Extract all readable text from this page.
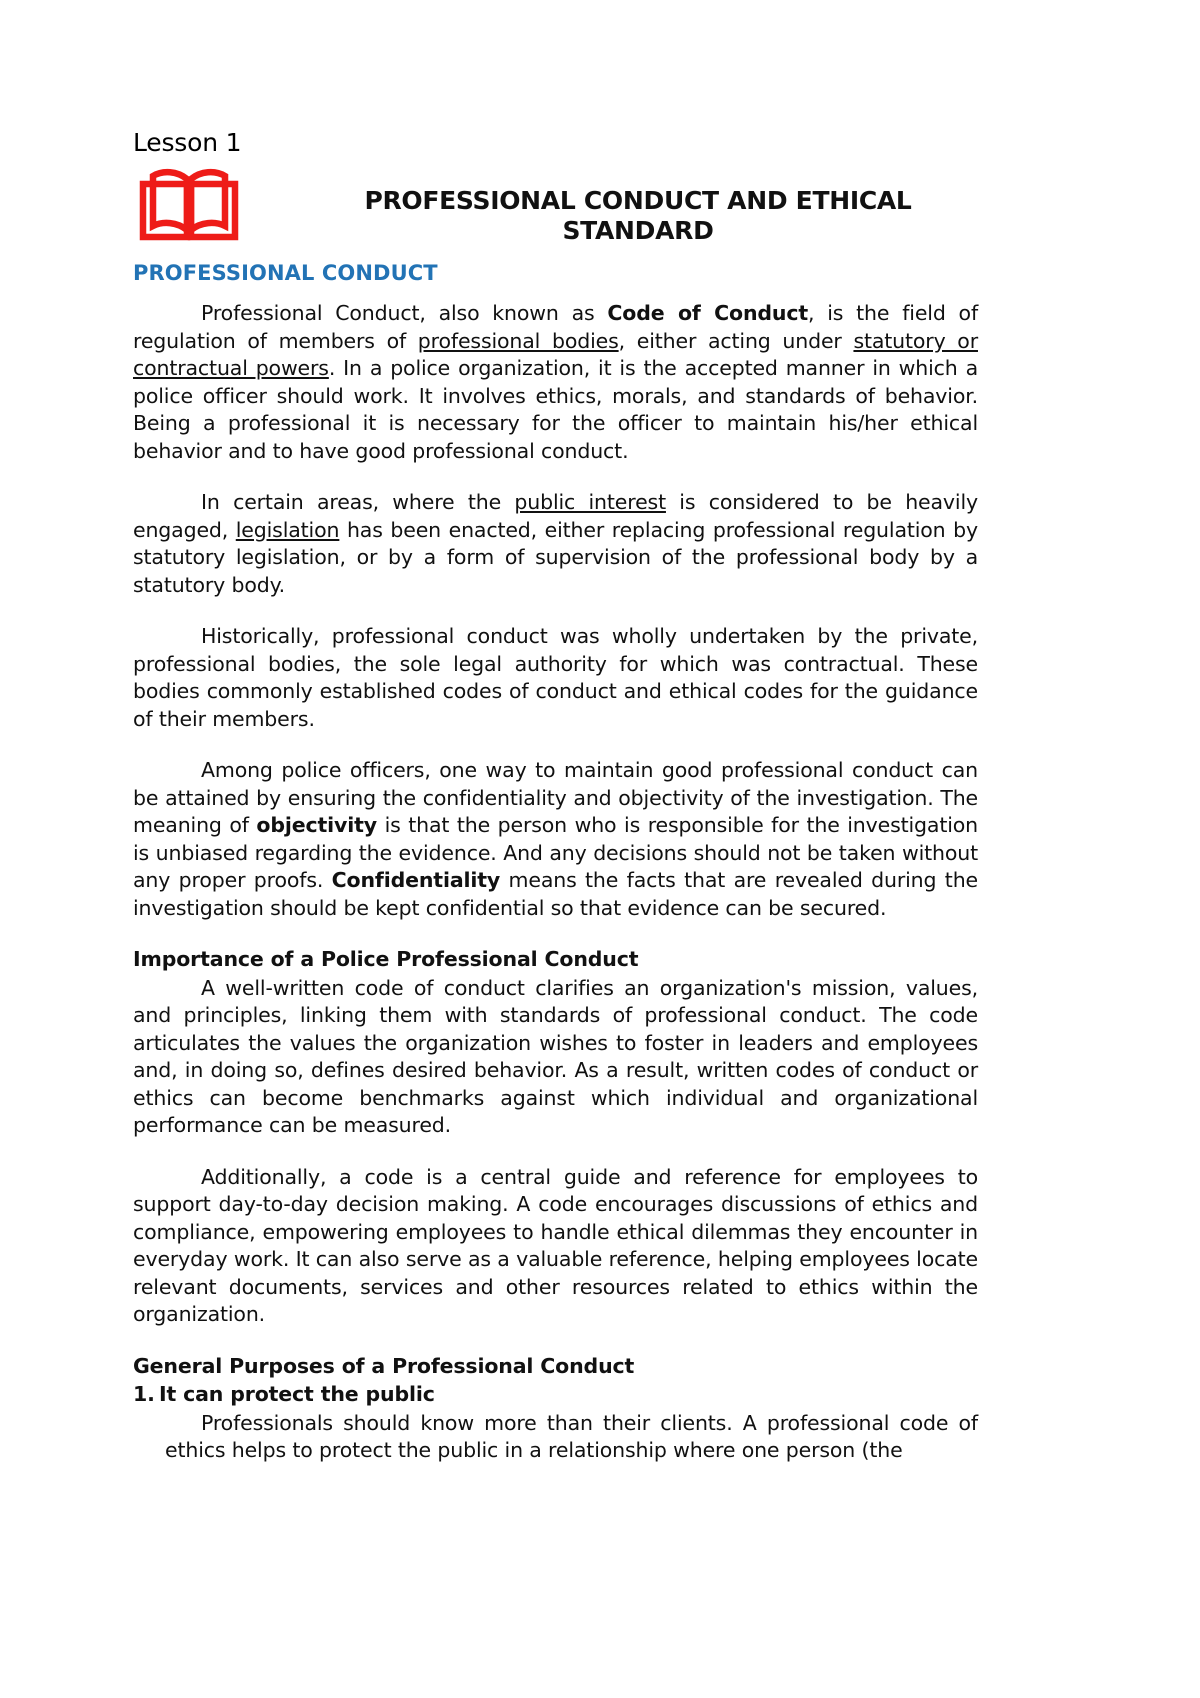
Lesson 1
PROFESSIONAL CONDUCT AND ETHICAL STANDARD
PROFESSIONAL CONDUCT

Professional Conduct, also known as Code of Conduct, is the field of regulation of members of professional bodies, either acting under statutory or contractual powers. In a police organization, it is the accepted manner in which a police officer should work. It involves ethics, morals, and standards of behavior. Being a professional it is necessary for the officer to maintain his/her ethical behavior and to have good professional conduct.

In certain areas, where the public interest is considered to be heavily engaged, legislation has been enacted, either replacing professional regulation by statutory legislation, or by a form of supervision of the professional body by a statutory body.

Historically, professional conduct was wholly undertaken by the private, professional bodies, the sole legal authority for which was contractual. These bodies commonly established codes of conduct and ethical codes for the guidance of their members.

Among police officers, one way to maintain good professional conduct can be attained by ensuring the confidentiality and objectivity of the investigation. The meaning of objectivity is that the person who is responsible for the investigation is unbiased regarding the evidence. And any decisions should not be taken without any proper proofs. Confidentiality means the facts that are revealed during the investigation should be kept confidential so that evidence can be secured.

Importance of a Police Professional Conduct

A well-written code of conduct clarifies an organization's mission, values, and principles, linking them with standards of professional conduct. The code articulates the values the organization wishes to foster in leaders and employees and, in doing so, defines desired behavior. As a result, written codes of conduct or ethics can become benchmarks against which individual and organizational performance can be measured.

Additionally, a code is a central guide and reference for employees to support day-to-day decision making. A code encourages discussions of ethics and compliance, empowering employees to handle ethical dilemmas they encounter in everyday work. It can also serve as a valuable reference, helping employees locate relevant documents, services and other resources related to ethics within the organization.

General Purposes of a Professional Conduct
1. It can protect the public

Professionals should know more than their clients. A professional code of ethics helps to protect the public in a relationship where one person (the
